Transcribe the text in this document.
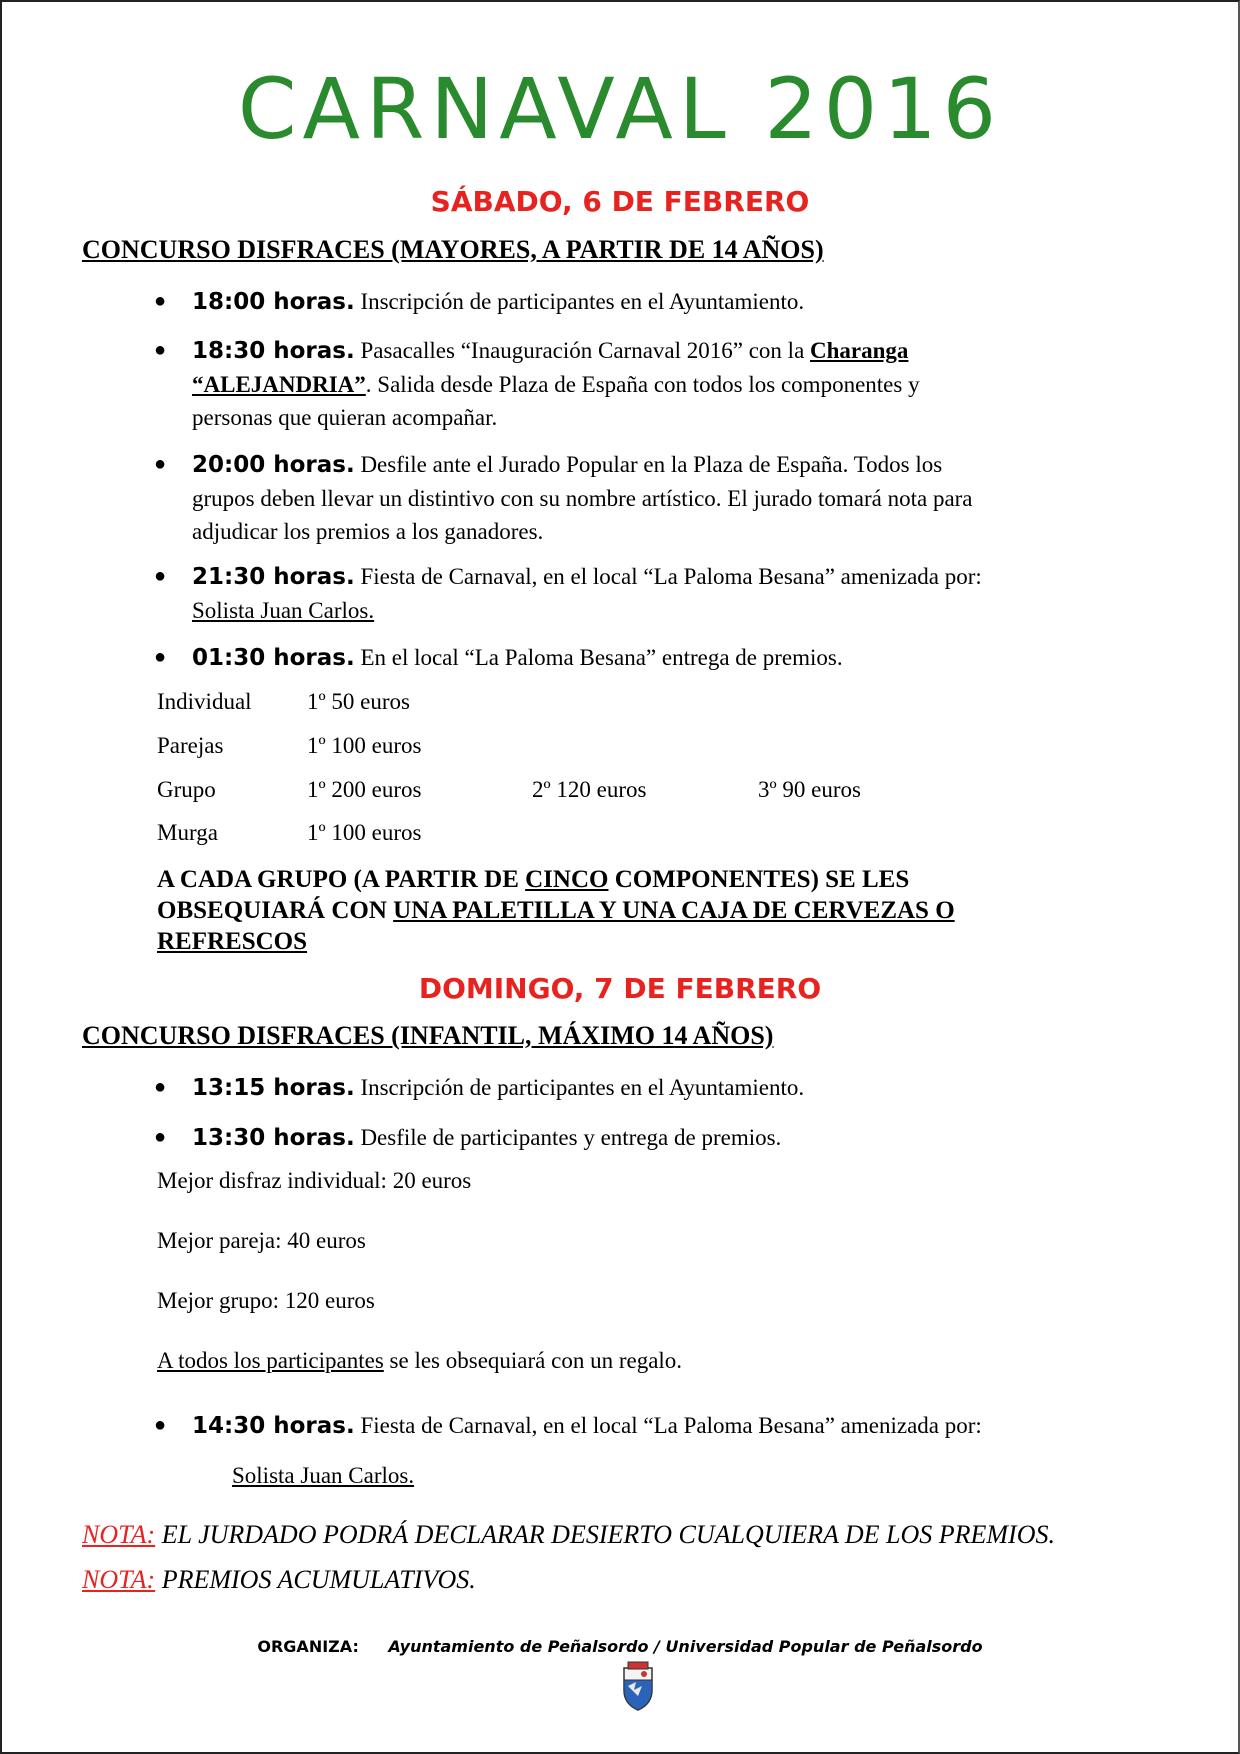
CARNAVAL 2016
SÁBADO, 6 DE FEBRERO
CONCURSO DISFRACES (MAYORES, A PARTIR DE 14 AÑOS)
● 18:00 horas. Inscripción de participantes en el Ayuntamiento.
● 18:30 horas. Pasacalles “Inauguración Carnaval 2016” con la Charanga
“ALEJANDRIA”. Salida desde Plaza de España con todos los componentes y
personas que quieran acompañar.
● 20:00 horas. Desfile ante el Jurado Popular en la Plaza de España. Todos los
grupos deben llevar un distintivo con su nombre artístico. El jurado tomará nota para
adjudicar los premios a los ganadores.
● 21:30 horas. Fiesta de Carnaval, en el local “La Paloma Besana” amenizada por:
Solista Juan Carlos.
● 01:30 horas. En el local “La Paloma Besana” entrega de premios.
Individual 1º 50 euros
Parejas	1º 100 euros
Grupo	1º 200 euros	2º 120 euros	3º 90 euros
Murga	1º 100 euros
A CADA GRUPO (A PARTIR DE CINCO COMPONENTES) SE LES
OBSEQUIARÁ CON UNA PALETILLA Y UNA CAJA DE CERVEZAS O
REFRESCOS
DOMINGO, 7 DE FEBRERO
CONCURSO DISFRACES (INFANTIL, MÁXIMO 14 AÑOS)
● 13:15 horas. Inscripción de participantes en el Ayuntamiento.
● 13:30 horas. Desfile de participantes y entrega de premios.
Mejor disfraz individual: 20 euros
Mejor pareja: 40 euros
Mejor grupo: 120 euros
A todos los participantes se les obsequiará con un regalo.
● 14:30 horas. Fiesta de Carnaval, en el local “La Paloma Besana” amenizada por:
Solista Juan Carlos.
NOTA: EL JURDADO PODRÁ DECLARAR DESIERTO CUALQUIERA DE LOS PREMIOS.
NOTA: PREMIOS ACUMULATIVOS.
ORGANIZA: Ayuntamiento de Peñalsordo / Universidad Popular de Peñalsordo
